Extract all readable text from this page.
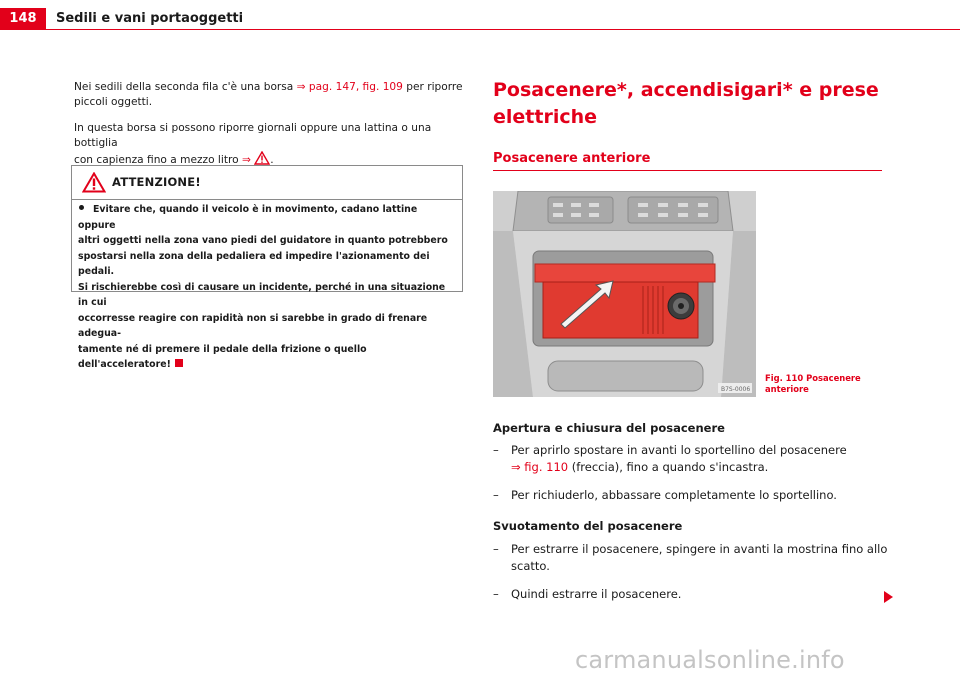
148	Sedili e vani portaoggetti
Nei sedili della seconda fila c'è una borsa ⇒ pag. 147, fig. 109 per riporre
piccoli oggetti.
In questa borsa si possono riporre giornali oppure una lattina o una bottiglia
con capienza fino a mezzo litro ⇒ .
ATTENZIONE!
Evitare che, quando il veicolo è in movimento, cadano lattine oppure
altri oggetti nella zona vano piedi del guidatore in quanto potrebbero
spostarsi nella zona della pedaliera ed impedire l'azionamento dei pedali.
Si rischierebbe così di causare un incidente, perché in una situazione in cui
occorresse reagire con rapidità non si sarebbe in grado di frenare adegua-
tamente né di premere il pedale della frizione o quello dell'acceleratore!
Posacenere*, accendisigari* e prese
elettriche
Posacenere anteriore
B7S-0006
Fig. 110 Posacenere
anteriore
Apertura e chiusura del posacenere
– Per aprirlo spostare in avanti lo sportellino del posacenere
⇒ fig. 110 (freccia), fino a quando s'incastra.
– Per richiuderlo, abbassare completamente lo sportellino.
Svuotamento del posacenere
– Per estrarre il posacenere, spingere in avanti la mostrina fino allo
scatto.
– Quindi estrarre il posacenere.
carmanualsonline.info
